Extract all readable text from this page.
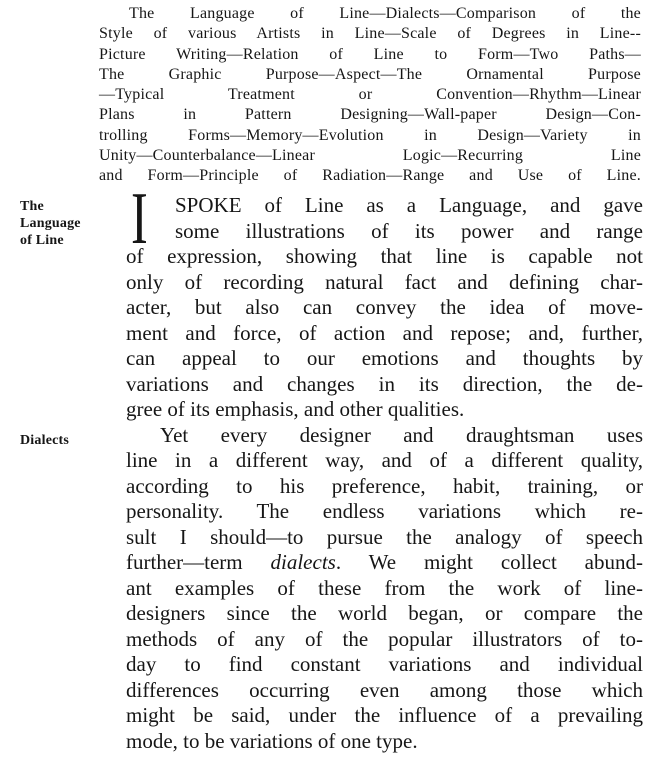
The Language of Line—Dialects—Comparison of the
Style of various Artists in Line—Scale of Degrees in Line--
Picture Writing—Relation of Line to Form—Two Paths—
The Graphic Purpose—Aspect—The Ornamental Purpose
—Typical Treatment or Convention—Rhythm—Linear
Plans in Pattern Designing—Wall-paper Design—Con-
trolling Forms—Memory—Evolution in Design—Variety in
Unity—Counterbalance—Linear Logic—Recurring Line
and Form—Principle of Radiation—Range and Use of Line.
The
Language
of Line
Dialects
I	SPOKE of Line as a Language, and gave
some illustrations of its power and range
of expression, showing that line is capable not
only of recording natural fact and defining char-
acter, but also can convey the idea of move-
ment and force, of action and repose; and, further,
can appeal to our emotions and thoughts by
variations and changes in its direction, the de-
gree of its emphasis, and other qualities.
Yet every designer and draughtsman uses
line in a different way, and of a different quality,
according to his preference, habit, training, or
personality. The endless variations which re-
sult I should—to pursue the analogy of speech
further—term dialects. We might collect abund-
ant examples of these from the work of line-
designers since the world began, or compare the
methods of any of the popular illustrators of to-
day to find constant variations and individual
differences occurring even among those which
might be said, under the influence of a prevailing
mode, to be variations of one type.
